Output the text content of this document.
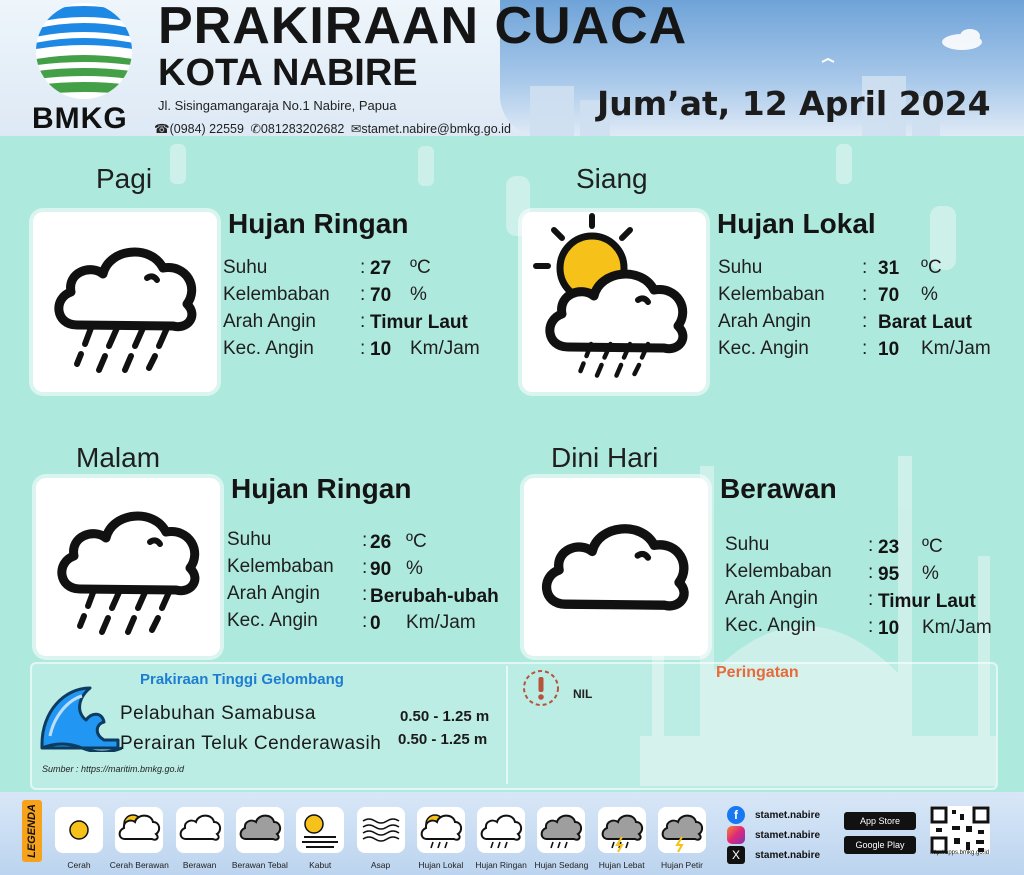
BMKG
PRAKIRAAN CUACA
KOTA NABIRE
Jl. Sisingamangaraja No.1 Nabire, Papua
☎(0984) 22559 ✆081283202682 ✉stamet.nabire@bmkg.go.id
Jum’at, 12 April 2024
Pagi
Hujan Ringan
Suhu	: 27 ºC
Kelembaban : 70 %
Arah Angin : Timur Laut
Kec. Angin : 10 Km/Jam
Siang
Hujan Lokal
Suhu	: 31 ºC
Kelembaban : 70 %
Arah Angin	: Barat Laut
Kec. Angin	: 10 Km/Jam
Malam
Hujan Ringan
Suhu	: 26 ºC
Kelembaban : 90 %
Arah Angin : Berubah-ubah
Kec. Angin : 0 Km/Jam
Dini Hari
Berawan
Suhu	: 23 ºC
Kelembaban : 95 %
Arah Angin	: Timur Laut
Kec. Angin	: 10 Km/Jam
Prakiraan Tinggi Gelombang
Pelabuhan Samabusa	0.50 - 1.25 m
Perairan Teluk Cenderawasih 0.50 - 1.25 m
Sumber : https://maritim.bmkg.go.id
NIL
Peringatan
LEGENDA
Cerah	Cerah Berawan	Berawan	Berawan Tebal	Kabut	Asap	Hujan Lokal	Hujan Ringan Hujan Sedang	Hujan Lebat	Hujan Petir
f	stamet.nabire
stamet.nabire
X	stamet.nabire
App Store
Google Play
http://apps.bmkg.go.id
